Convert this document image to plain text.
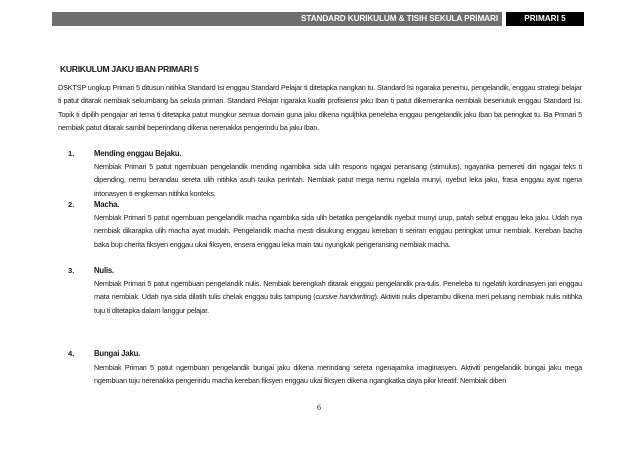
STANDARD KURIKULUM & TISIH SEKULA PRIMARI	PRIMARI 5
KURIKULUM JAKU IBAN PRIMARI 5
DSKTSP ungkup Primari 5 ditusun nitihka Standard Isi enggau Standard Pelajar ti ditetapka nangkan tu. Standard Isi ngaraka penemu, pengelandik, enggau strategi belajar ti patut ditarak nembiak sekumbang ba sekula primari. Standard Pelajar ngaraka kualiti profisiensi jaku Iban ti patut dikemeranka nembiak besenutuk enggau Standard Isi. Topik ti dipilih pengajar ari tema ti ditetapka patut mungkur semua domain guna jaku dikena nguljhka peneleba enggau pengelandik jaku Iban ba peringkat tu. Ba Primari 5 nembiak patut ditarak sambil beperindang dikena nerenakka pengerindu ba jaku Iban.
1.	Mending enggau Bejaku.
Nembiak Primari 5 patut ngembuan pengelandik mending ngambika sida ulih respons ngagai peransang (stimulus), ngayanka pemereti diri ngagai teks ti dipending, nemu berandau sereta ulih nitihka asuh tauka perintah. Nembiak patut mega nemu ngelala munyi, nyebut leka jaku, frasa enggau ayat ngena intonasyen ti engkeman nitihka konteks.
2.	Macha.
Nembiak Primari 5 patut ngembuan pengelandik macha ngambika sida ulih betatika pengelandik nyebut munyi urup, patah sebut enggau leka jaku. Udah nya nembiak dikarapka ulih macha ayat mudah. Pengelandik macha mesti disukung enggau kereban ti seriran enggau peringkat umur nembiak. Kereban bacha baka bup cherita fiksyen enggau ukai fiksyen, ensera enggau leka main tau nyungkak pengeransing nembiak macha.
3.	Nulis.
Nembiak Primari 5 patut ngembuan pengelandik nulis. Nembiak berengkah ditarak enggau pengelandik pra-tulis. Peneleba tu ngelatih kordinasyen jari enggau mata nembiak. Udah nya sida dilatih tulis chelak enggau tulis tampung (cursive handwriting). Aktiviti nulis diperambu dikena meri peluang nembiak nulis nitihka tuju ti ditetapka dalam langgur pelajar.
4.	Bungai Jaku.
Nembiak Primari 5 patut ngembuan pengelandik bungai jaku dikena merindang sereta ngenajamka imaginasyen. Aktiviti pengelandik bungai jaku mega ngembuan tuju nerenakka pengerindu macha kereban fiksyen enggau ukai fiksyen dikena ngangkatka daya pikir kreatif. Nembiak diberi
6
